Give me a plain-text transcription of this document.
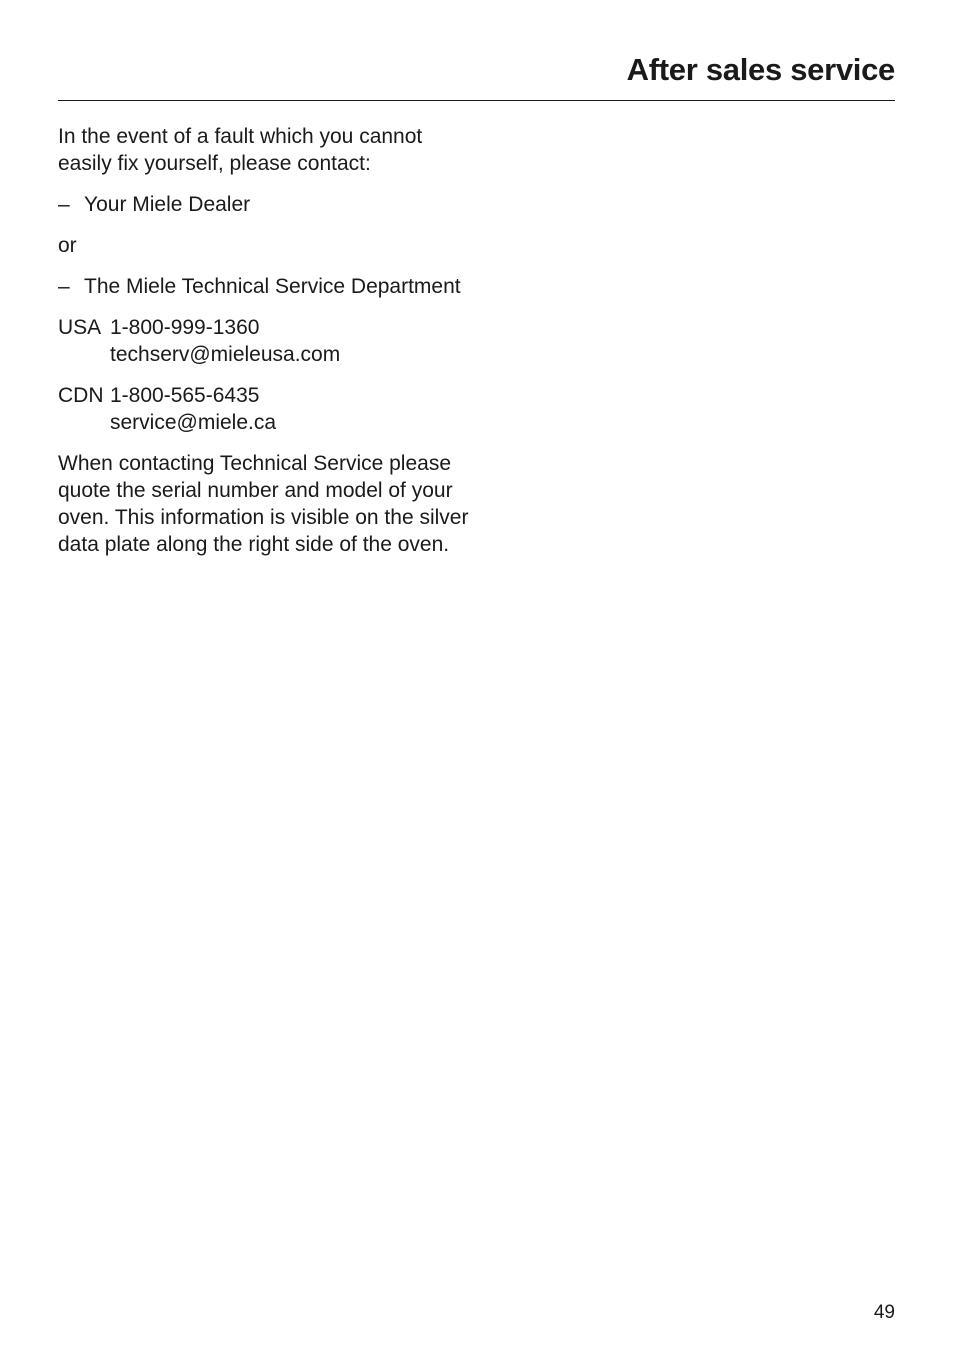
After sales service

In the event of a fault which you cannot easily fix yourself, please contact:

– Your Miele Dealer

or

– The Miele Technical Service Department
USA 1-800-999-1360
techserv@mieleusa.com
CDN 1-800-565-6435
service@miele.ca

When contacting Technical Service please quote the serial number and model of your oven. This information is visible on the silver data plate along the right side of the oven.

49
